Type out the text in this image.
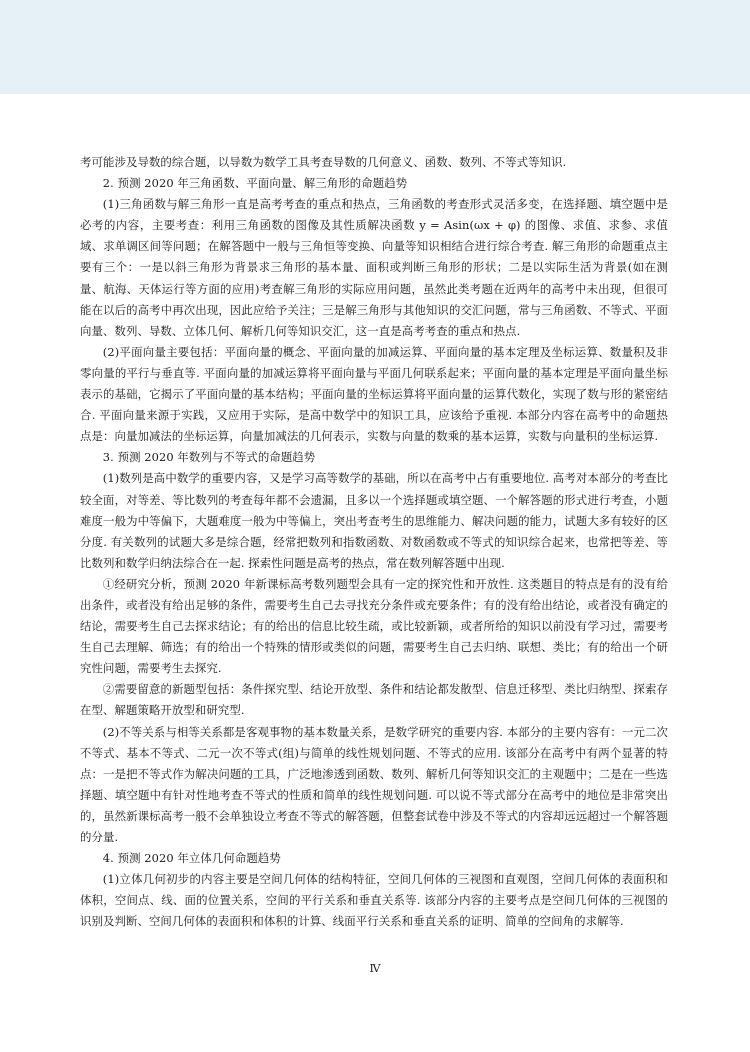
考可能涉及导数的综合题，以导数为数学工具考查导数的几何意义、函数、数列、不等式等知识.

2. 预测 2020 年三角函数、平面向量、解三角形的命题趋势

(1)三角函数与解三角形一直是高考考查的重点和热点，三角函数的考查形式灵活多变，在选择题、填空题中是必考的内容，主要考查：利用三角函数的图像及其性质解决函数 y = Asin(ωx + φ) 的图像、求值、求参、求值域、求单调区间等问题；在解答题中一般与三角恒等变换、向量等知识相结合进行综合考查. 解三角形的命题重点主要有三个：一是以斜三角形为背景求三角形的基本量、面积或判断三角形的形状；二是以实际生活为背景(如在测量、航海、天体运行等方面的应用)考查解三角形的实际应用问题，虽然此类考题在近两年的高考中未出现，但很可能在以后的高考中再次出现，因此应给予关注；三是解三角形与其他知识的交汇问题，常与三角函数、不等式、平面向量、数列、导数、立体几何、解析几何等知识交汇，这一直是高考考查的重点和热点.

(2)平面向量主要包括：平面向量的概念、平面向量的加减运算、平面向量的基本定理及坐标运算、数量积及非零向量的平行与垂直等. 平面向量的加减运算将平面向量与平面几何联系起来；平面向量的基本定理是平面向量坐标表示的基础，它揭示了平面向量的基本结构；平面向量的坐标运算将平面向量的运算代数化，实现了数与形的紧密结合. 平面向量来源于实践，又应用于实际，是高中数学中的知识工具，应该给予重视. 本部分内容在高考中的命题热点是：向量加减法的坐标运算，向量加减法的几何表示，实数与向量的数乘的基本运算，实数与向量积的坐标运算.

3. 预测 2020 年数列与不等式的命题趋势

(1)数列是高中数学的重要内容，又是学习高等数学的基础，所以在高考中占有重要地位. 高考对本部分的考查比较全面，对等差、等比数列的考查每年都不会遗漏，且多以一个选择题或填空题、一个解答题的形式进行考查，小题难度一般为中等偏下，大题难度一般为中等偏上，突出考查考生的思维能力、解决问题的能力，试题大多有较好的区分度. 有关数列的试题大多是综合题，经常把数列和指数函数、对数函数或不等式的知识综合起来，也常把等差、等比数列和数学归纳法综合在一起. 探索性问题是高考的热点，常在数列解答题中出现.

①经研究分析，预测 2020 年新课标高考数列题型会具有一定的探究性和开放性. 这类题目的特点是有的没有给出条件，或者没有给出足够的条件，需要考生自己去寻找充分条件或充要条件；有的没有给出结论，或者没有确定的结论，需要考生自己去探求结论；有的给出的信息比较生疏，或比较新颖，或者所给的知识以前没有学习过，需要考生自己去理解、筛选；有的给出一个特殊的情形或类似的问题，需要考生自己去归纳、联想、类比；有的给出一个研究性问题，需要考生去探究.

②需要留意的新题型包括：条件探究型、结论开放型、条件和结论都发散型、信息迁移型、类比归纳型、探索存在型、解题策略开放型和研究型.

(2)不等关系与相等关系都是客观事物的基本数量关系，是数学研究的重要内容. 本部分的主要内容有：一元二次不等式、基本不等式、二元一次不等式(组)与简单的线性规划问题、不等式的应用. 该部分在高考中有两个显著的特点：一是把不等式作为解决问题的工具，广泛地渗透到函数、数列、解析几何等知识交汇的主观题中；二是在一些选择题、填空题中有针对性地考查不等式的性质和简单的线性规划问题. 可以说不等式部分在高考中的地位是非常突出的，虽然新课标高考一般不会单独设立考查不等式的解答题，但整套试卷中涉及不等式的内容却远远超过一个解答题的分量.

4. 预测 2020 年立体几何命题趋势

(1)立体几何初步的内容主要是空间几何体的结构特征，空间几何体的三视图和直观图，空间几何体的表面积和体积，空间点、线、面的位置关系，空间的平行关系和垂直关系等. 该部分内容的主要考点是空间几何体的三视图的识别及判断、空间几何体的表面积和体积的计算、线面平行关系和垂直关系的证明、简单的空间角的求解等.

Ⅳ
